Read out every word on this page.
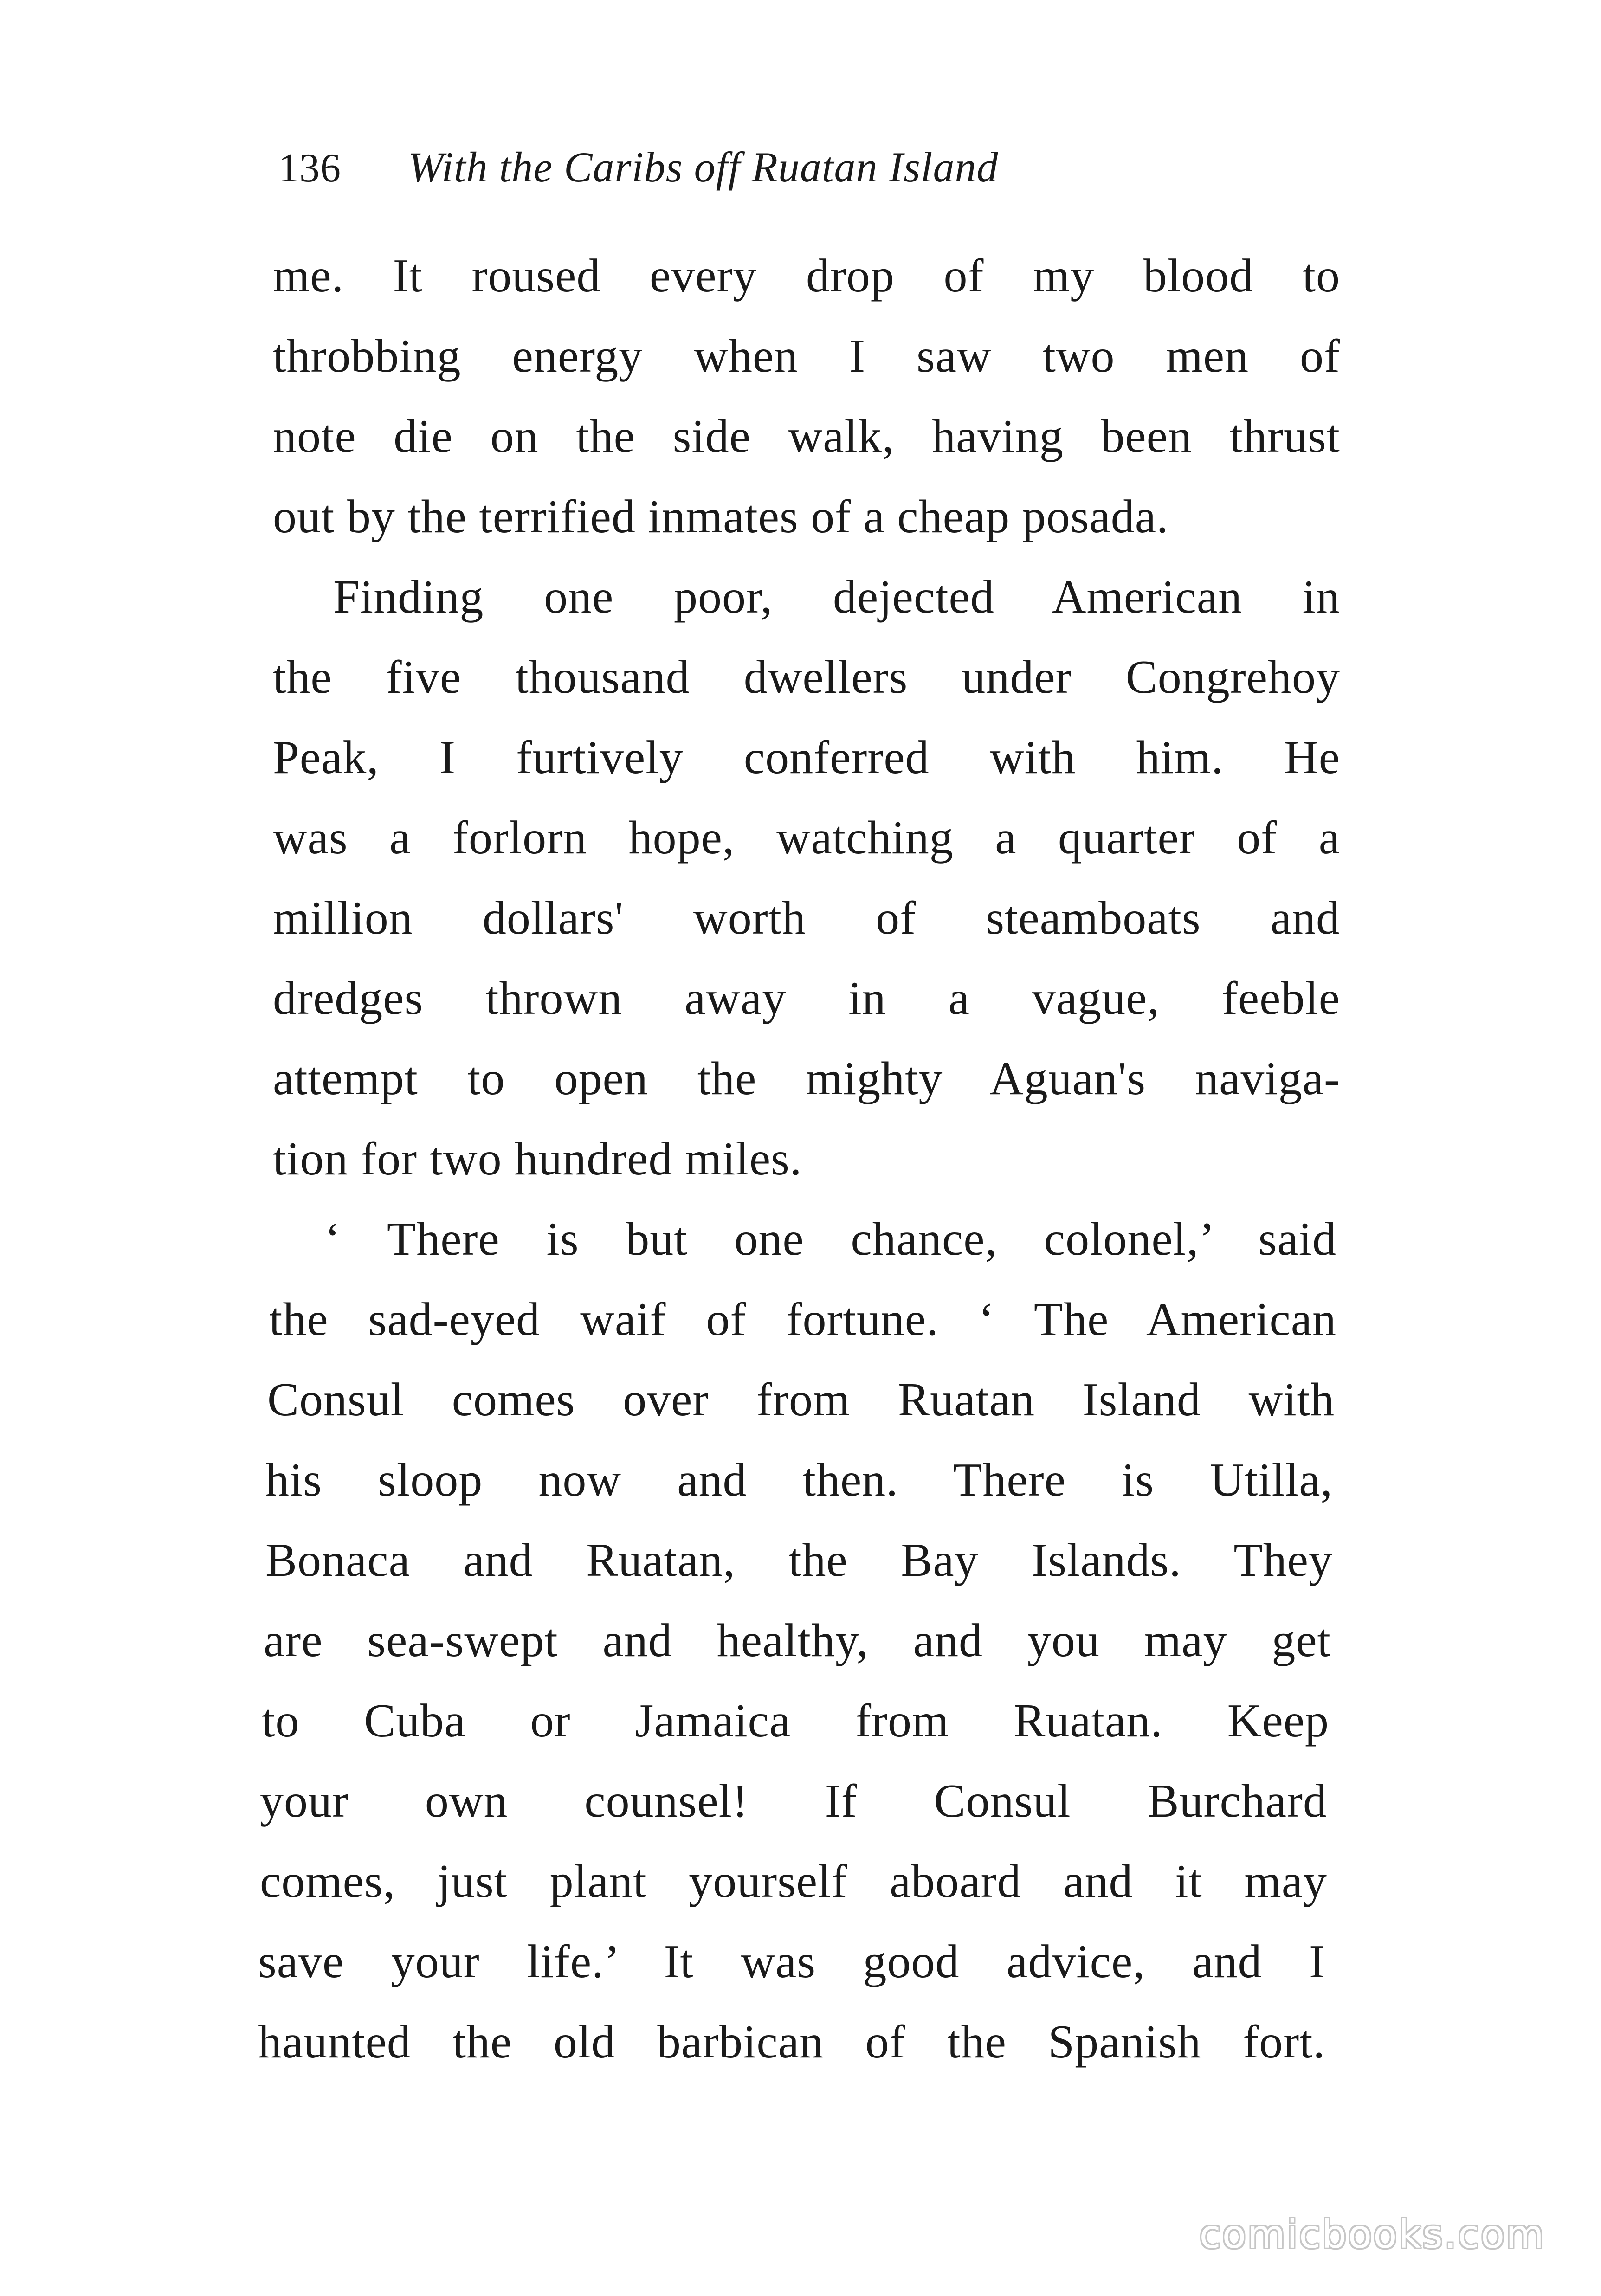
136 With the Caribs off Ruatan Island
me. It roused every drop of my blood to
throbbing energy when I saw two men of
note die on the side walk, having been thrust
out by the terrified inmates of a cheap posada.
Finding one poor, dejected American in
the five thousand dwellers under Congrehoy
Peak, I furtively conferred with him. He
was a forlorn hope, watching a quarter of a
million dollars' worth of steamboats and
dredges thrown away in a vague, feeble
attempt to open the mighty Aguan's naviga-
tion for two hundred miles.
‘ There is but one chance, colonel,’ said
the sad-eyed waif of fortune. ‘ The American
Consul comes over from Ruatan Island with
his sloop now and then. There is Utilla,
Bonaca and Ruatan, the Bay Islands. They
are sea-swept and healthy, and you may get
to Cuba or Jamaica from Ruatan. Keep
your own counsel! If Consul Burchard
comes, just plant yourself aboard and it may
save your life.’ It was good advice, and I
haunted the old barbican of the Spanish fort.
comicbooks.com
